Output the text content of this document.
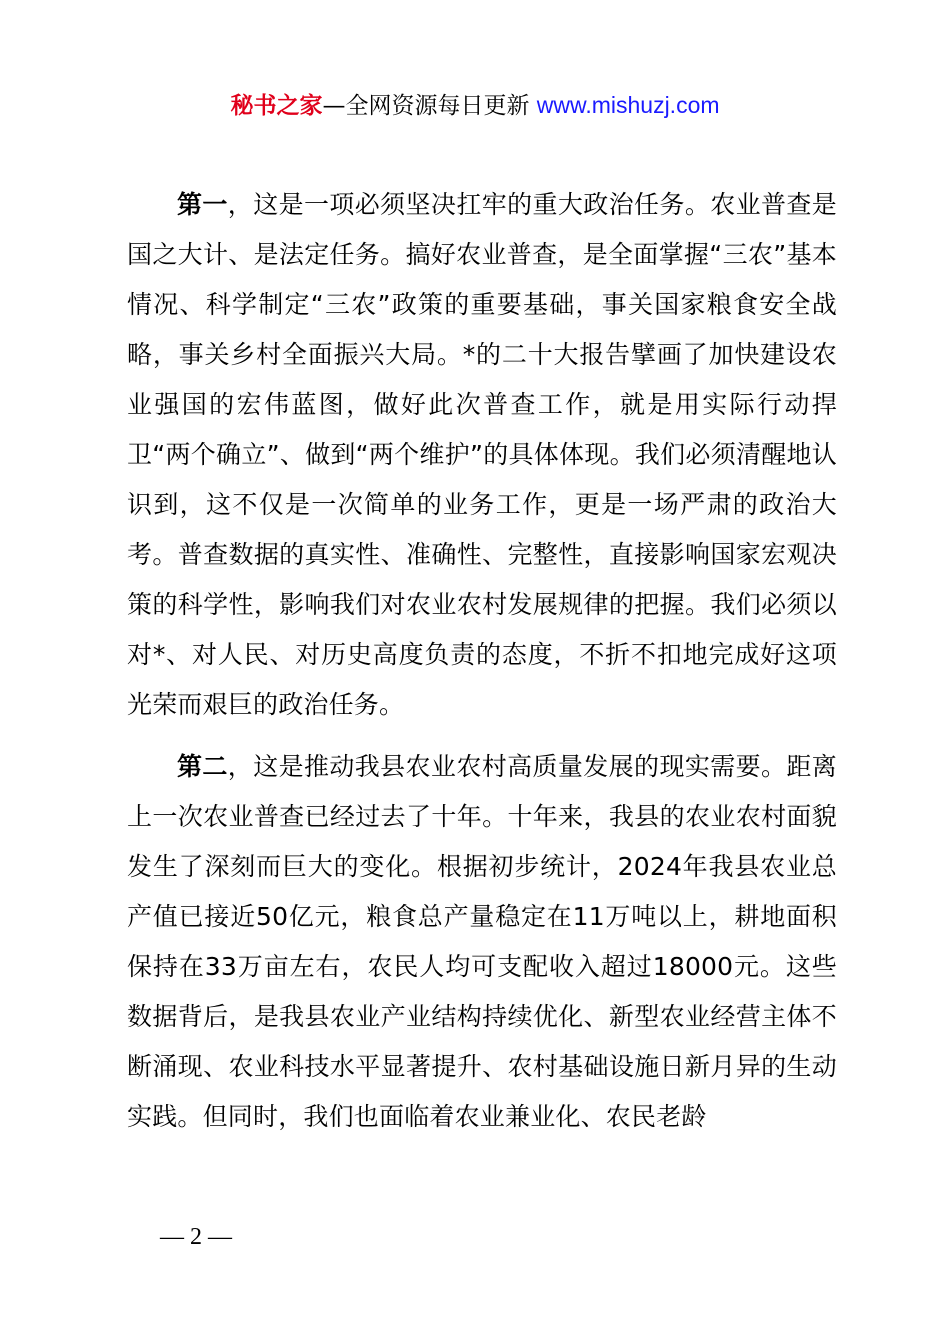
秘书之家—全网资源每日更新 www.mishuzj.com

第一，这是一项必须坚决扛牢的重大政治任务。农业普查是国之大计、是法定任务。搞好农业普查，是全面掌握“三农”基本情况、科学制定“三农”政策的重要基础，事关国家粮食安全战略，事关乡村全面振兴大局。*的二十大报告擘画了加快建设农业强国的宏伟蓝图，做好此次普查工作，就是用实际行动捍卫“两个确立”、做到“两个维护”的具体体现。我们必须清醒地认识到，这不仅是一次简单的业务工作，更是一场严肃的政治大考。普查数据的真实性、准确性、完整性，直接影响国家宏观决策的科学性，影响我们对农业农村发展规律的把握。我们必须以对*、对人民、对历史高度负责的态度，不折不扣地完成好这项光荣而艰巨的政治任务。

第二，这是推动我县农业农村高质量发展的现实需要。距离上一次农业普查已经过去了十年。十年来，我县的农业农村面貌发生了深刻而巨大的变化。根据初步统计，2024年我县农业总产值已接近50亿元，粮食总产量稳定在11万吨以上，耕地面积保持在33万亩左右，农民人均可支配收入超过18000元。这些数据背后，是我县农业产业结构持续优化、新型农业经营主体不断涌现、农业科技水平显著提升、农村基础设施日新月异的生动实践。但同时，我们也面临着农业兼业化、农民老龄

— 2 —
